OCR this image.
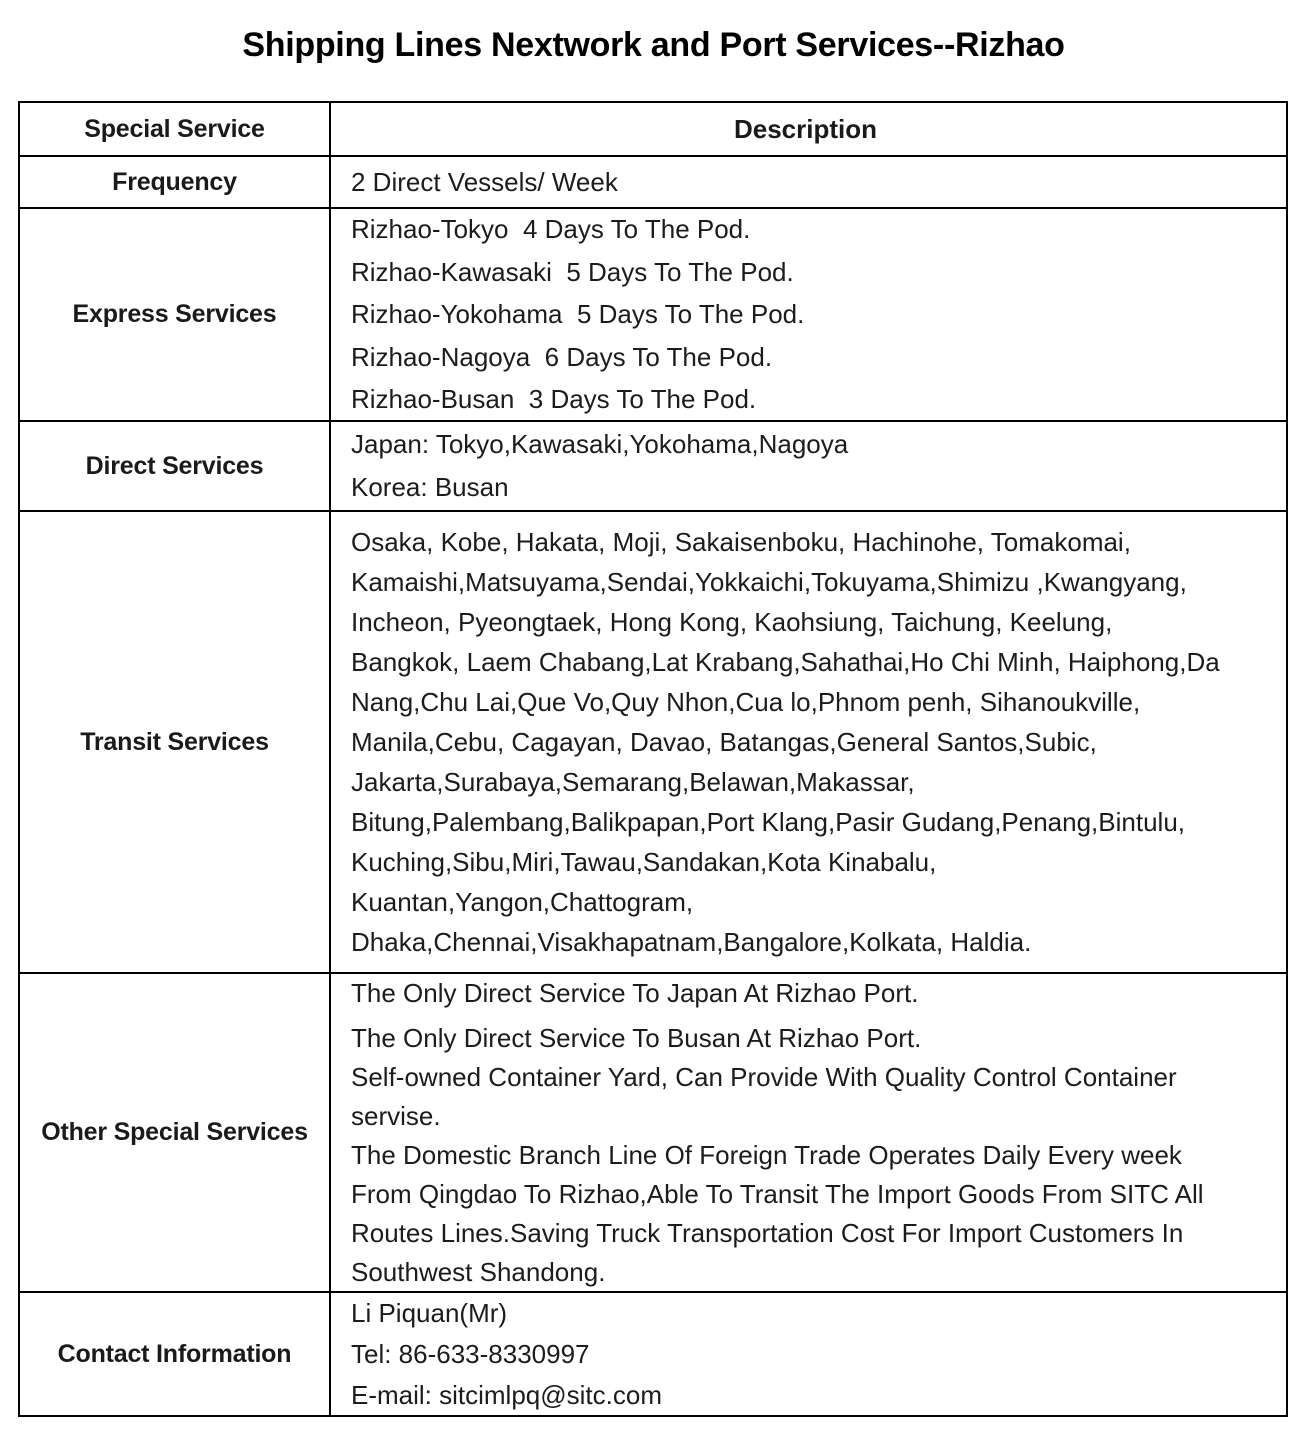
Shipping Lines Nextwork and Port Services--Rizhao
Special Service	Description
Frequency	2 Direct Vessels/ Week
Express Services
Rizhao-Tokyo  4 Days To The Pod.
Rizhao-Kawasaki  5 Days To The Pod.
Rizhao-Yokohama  5 Days To The Pod.
Rizhao-Nagoya  6 Days To The Pod.
Rizhao-Busan  3 Days To The Pod.
Direct Services
Japan: Tokyo,Kawasaki,Yokohama,Nagoya
Korea: Busan
Transit Services
Osaka, Kobe, Hakata, Moji, Sakaisenboku, Hachinohe, Tomakomai,
Kamaishi,Matsuyama,Sendai,Yokkaichi,Tokuyama,Shimizu ,Kwangyang,
Incheon, Pyeongtaek, Hong Kong, Kaohsiung, Taichung, Keelung,
Bangkok, Laem Chabang,Lat Krabang,Sahathai,Ho Chi Minh, Haiphong,Da
Nang,Chu Lai,Que Vo,Quy Nhon,Cua lo,Phnom penh, Sihanoukville,
Manila,Cebu, Cagayan, Davao, Batangas,General Santos,Subic,
Jakarta,Surabaya,Semarang,Belawan,Makassar,
Bitung,Palembang,Balikpapan,Port Klang,Pasir Gudang,Penang,Bintulu,
Kuching,Sibu,Miri,Tawau,Sandakan,Kota Kinabalu,
Kuantan,Yangon,Chattogram,
Dhaka,Chennai,Visakhapatnam,Bangalore,Kolkata, Haldia.
Other Special Services
The Only Direct Service To Japan At Rizhao Port.
The Only Direct Service To Busan At Rizhao Port.
Self-owned Container Yard, Can Provide With Quality Control Container
servise.
The Domestic Branch Line Of Foreign Trade Operates Daily Every week
From Qingdao To Rizhao,Able To Transit The Import Goods From SITC All
Routes Lines.Saving Truck Transportation Cost For Import Customers In
Southwest Shandong.
Contact Information
Li Piquan(Mr)
Tel: 86-633-8330997
E-mail: sitcimlpq@sitc.com
